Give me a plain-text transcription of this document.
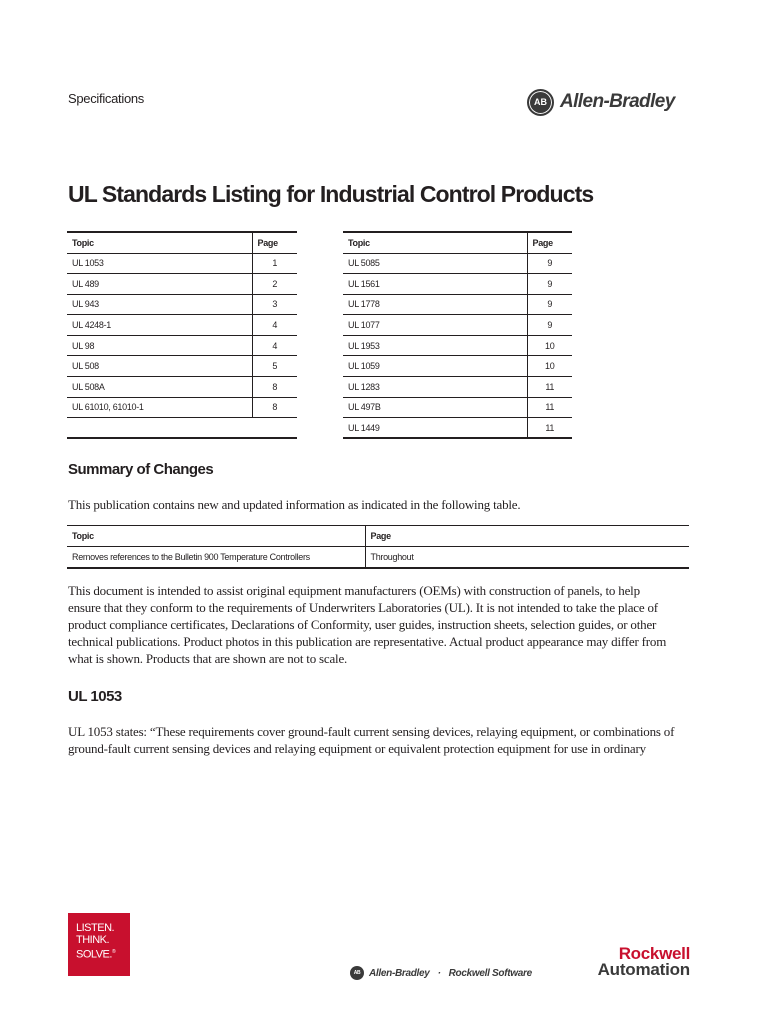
Specifications	AB Allen-Bradley
UL Standards Listing for Industrial Control Products
Topic	Page
UL 1053	1
UL 489	2
UL 943	3
UL 4248-1	4
UL 98	4
UL 508	5
UL 508A	8
UL 61010, 61010-1	8

Topic	Page
UL 5085	9
UL 1561	9
UL 1778	9
UL 1077	9
UL 1953	10
UL 1059	10
UL 1283	11
UL 497B	11
UL 1449	11
Summary of Changes

This publication contains new and updated information as indicated in the following table.

Topic	Page
Removes references to the Bulletin 900 Temperature Controllers	Throughout
This document is intended to assist original equipment manufacturers (OEMs) with construction of panels, to help
ensure that they conform to the requirements of Underwriters Laboratories (UL). It is not intended to take the place of
product compliance certificates, Declarations of Conformity, user guides, instruction sheets, selection guides, or other
technical publications. Product photos in this publication are representative. Actual product appearance may differ from
what is shown. Products that are shown are not to scale.
UL 1053
UL 1053 states: “These requirements cover ground-fault current sensing devices, relaying equipment, or combinations of
ground-fault current sensing devices and relaying equipment or equivalent protection equipment for use in ordinary
LISTEN.
THINK.
SOLVE.®
AB Allen-Bradley · Rockwell Software
Rockwell
Automation
